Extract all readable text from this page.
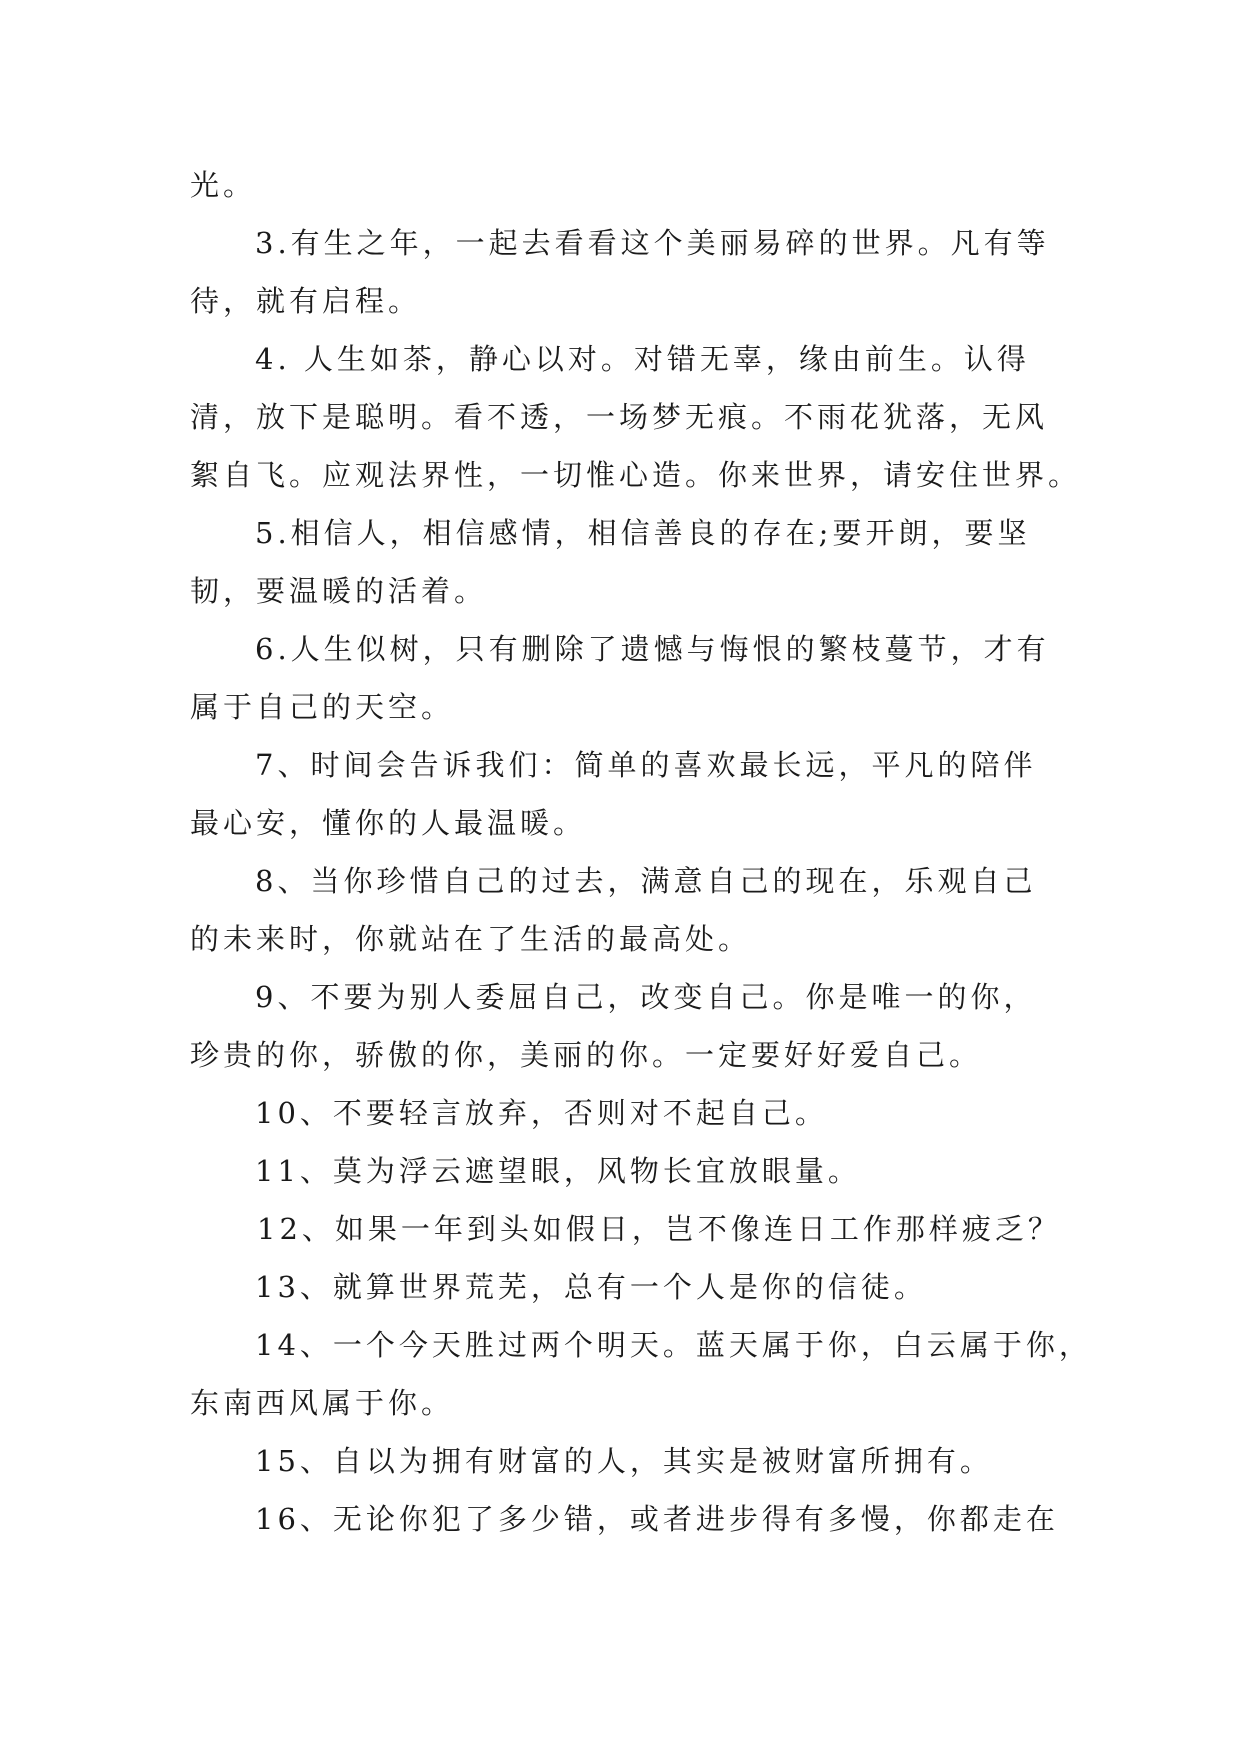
光。
3.有生之年，一起去看看这个美丽易碎的世界。凡有等
待，就有启程。
4. 人生如茶，静心以对。对错无辜，缘由前生。认得
清，放下是聪明。看不透，一场梦无痕。不雨花犹落，无风
絮自飞。应观法界性，一切惟心造。你来世界，请安住世界。
5.相信人，相信感情，相信善良的存在;要开朗，要坚
韧，要温暖的活着。
6.人生似树，只有删除了遗憾与悔恨的繁枝蔓节，才有
属于自己的天空。
7、时间会告诉我们：简单的喜欢最长远，平凡的陪伴
最心安，懂你的人最温暖。
8、当你珍惜自己的过去，满意自己的现在，乐观自己
的未来时，你就站在了生活的最高处。
9、不要为别人委屈自己，改变自己。你是唯一的你，
珍贵的你，骄傲的你，美丽的你。一定要好好爱自己。
10、不要轻言放弃，否则对不起自己。
11、莫为浮云遮望眼，风物长宜放眼量。
12、如果一年到头如假日，岂不像连日工作那样疲乏？
13、就算世界荒芜，总有一个人是你的信徒。
14、一个今天胜过两个明天。蓝天属于你，白云属于你，
东南西风属于你。
15、自以为拥有财富的人，其实是被财富所拥有。
16、无论你犯了多少错，或者进步得有多慢，你都走在
